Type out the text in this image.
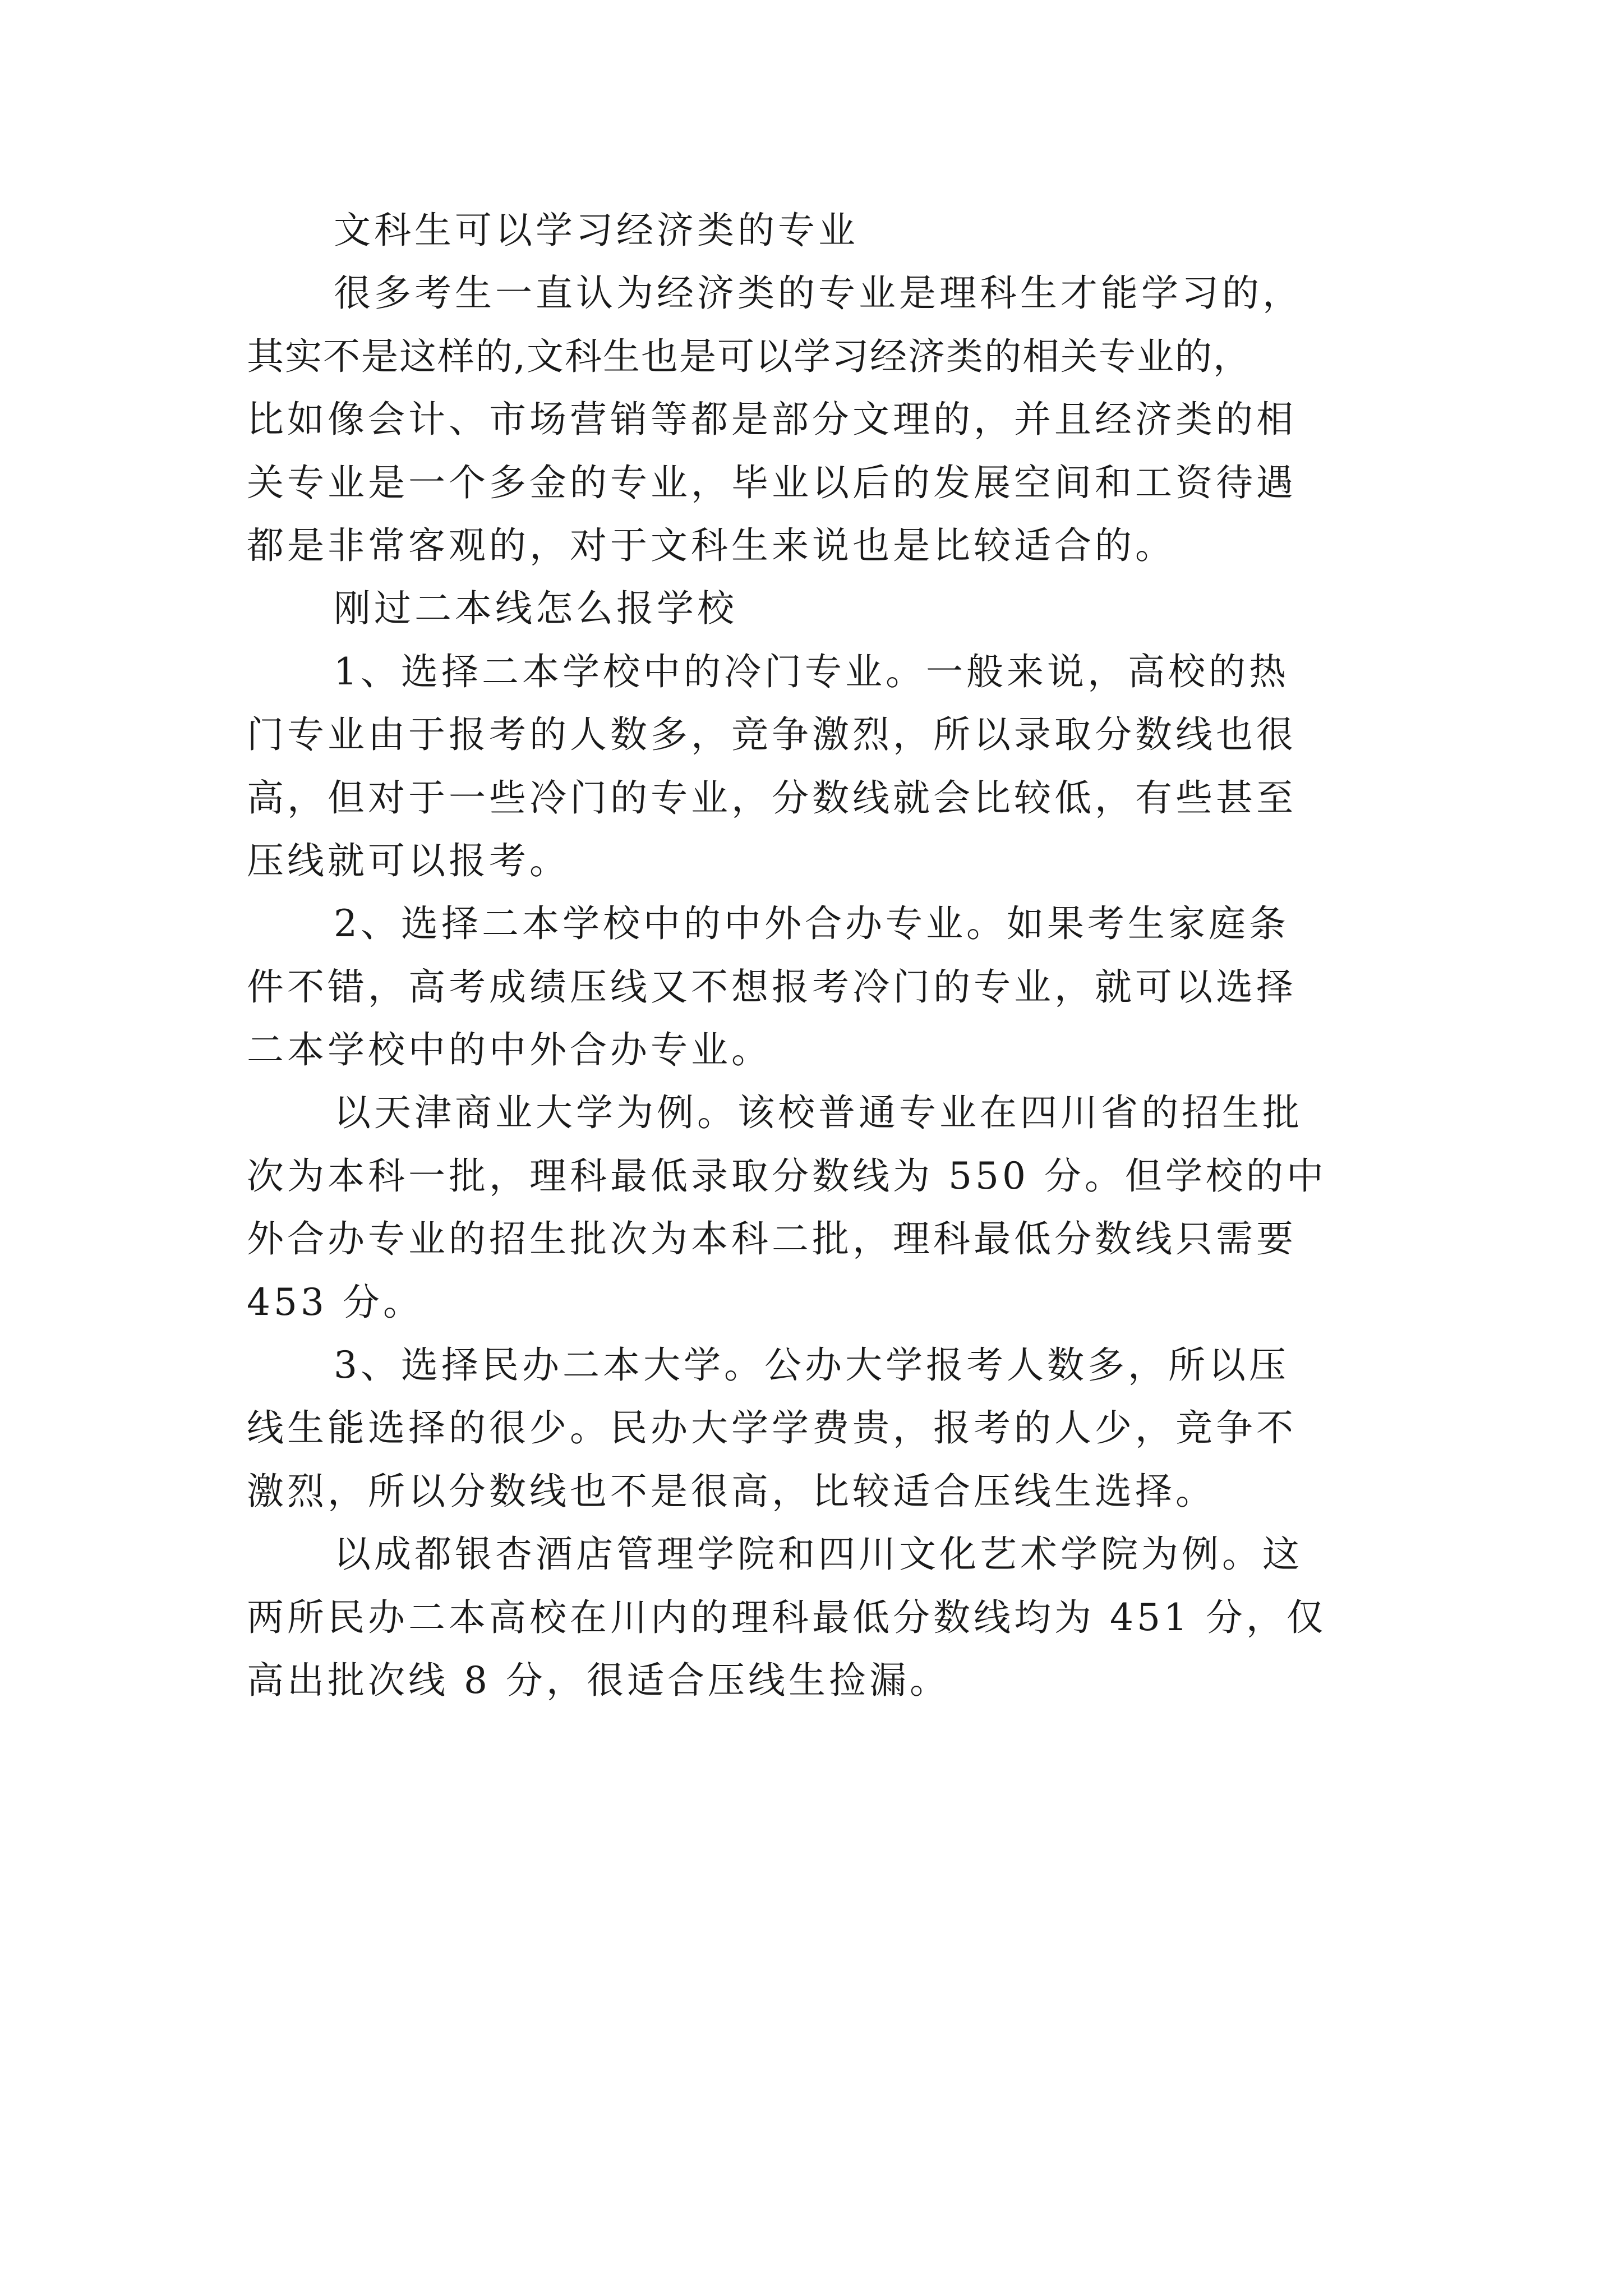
文科生可以学习经济类的专业
很多考生一直认为经济类的专业是理科生才能学习的，
其实不是这样的,文科生也是可以学习经济类的相关专业的，
比如像会计、市场营销等都是部分文理的，并且经济类的相
关专业是一个多金的专业，毕业以后的发展空间和工资待遇
都是非常客观的，对于文科生来说也是比较适合的。
刚过二本线怎么报学校
1、选择二本学校中的冷门专业。一般来说，高校的热
门专业由于报考的人数多，竞争激烈，所以录取分数线也很
高，但对于一些冷门的专业，分数线就会比较低，有些甚至
压线就可以报考。
2、选择二本学校中的中外合办专业。如果考生家庭条
件不错，高考成绩压线又不想报考冷门的专业，就可以选择
二本学校中的中外合办专业。
以天津商业大学为例。该校普通专业在四川省的招生批
次为本科一批，理科最低录取分数线为 550 分。但学校的中
外合办专业的招生批次为本科二批，理科最低分数线只需要
453 分。
3、选择民办二本大学。公办大学报考人数多，所以压
线生能选择的很少。民办大学学费贵，报考的人少，竞争不
激烈，所以分数线也不是很高，比较适合压线生选择。
以成都银杏酒店管理学院和四川文化艺术学院为例。这
两所民办二本高校在川内的理科最低分数线均为 451 分，仅
高出批次线 8 分，很适合压线生捡漏。
